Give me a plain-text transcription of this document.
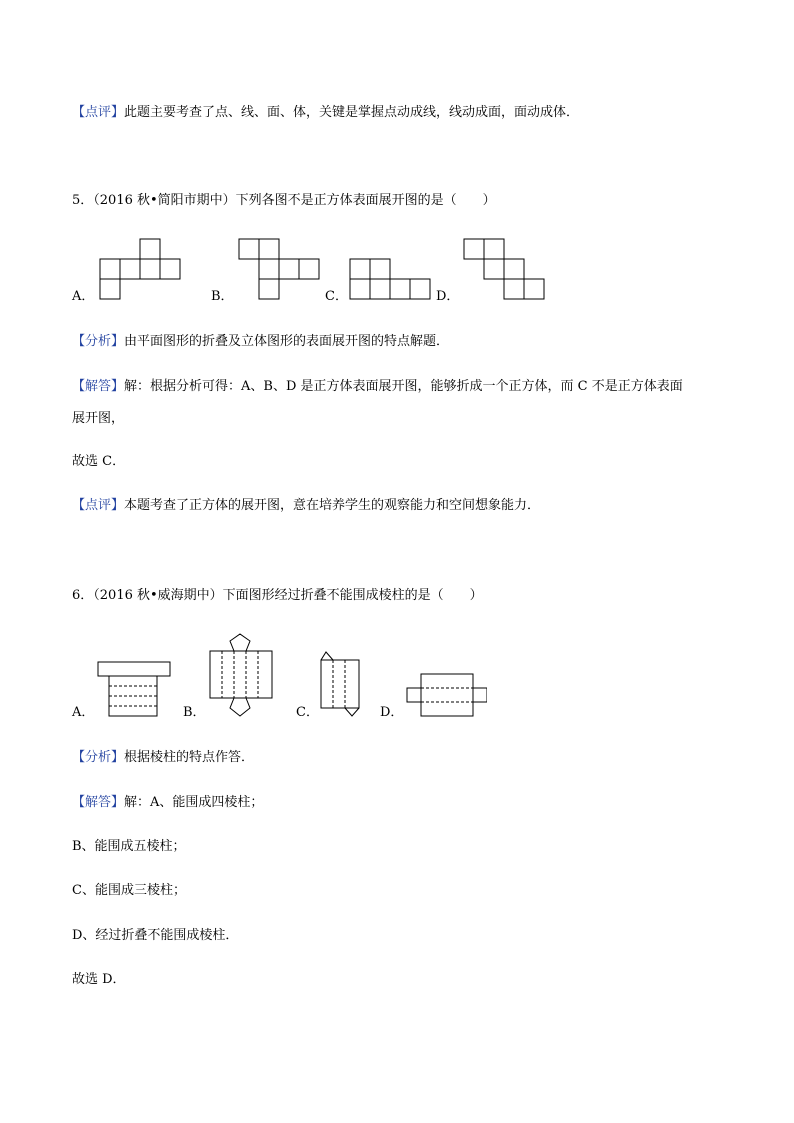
【点评】此题主要考查了点、线、面、体，关键是掌握点动成线，线动成面，面动成体．
5．（2016 秋•简阳市期中）下列各图不是正方体表面展开图的是（　　）
A．	B．	C．	D．
【分析】由平面图形的折叠及立体图形的表面展开图的特点解题．
【解答】解：根据分析可得：A、B、D 是正方体表面展开图，能够折成一个正方体，而 C 不是正方体表面
展开图，
故选 C．
【点评】本题考查了正方体的展开图，意在培养学生的观察能力和空间想象能力．
6．（2016 秋•威海期中）下面图形经过折叠不能围成棱柱的是（　　）
A．	B．	C．	D．
【分析】根据棱柱的特点作答．
【解答】解：A、能围成四棱柱；
B、能围成五棱柱；
C、能围成三棱柱；
D、经过折叠不能围成棱柱．
故选 D．
